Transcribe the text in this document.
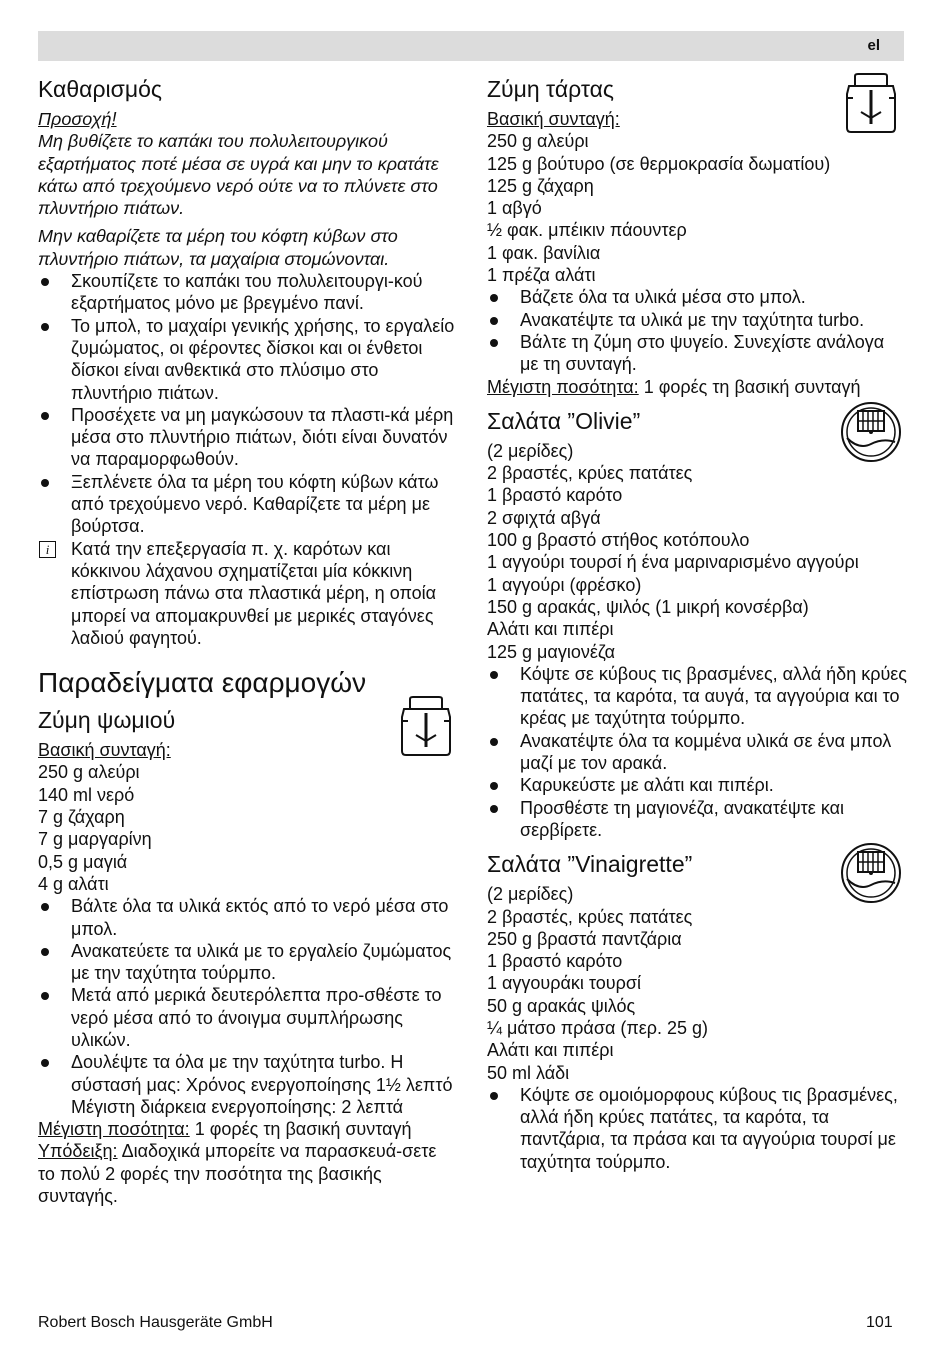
el
Καθαρισμός
Προσοχή!
Μη βυθίζετε το καπάκι του πολυλειτουργικού εξαρτήματος ποτέ μέσα σε υγρά και μην το κρατάτε κάτω από τρεχούμενο νερό ούτε να το πλύνετε στο πλυντήριο πιάτων.
Μην καθαρίζετε τα μέρη του κόφτη κύβων στο πλυντήριο πιάτων, τα μαχαίρια στομώνονται.
Σκουπίζετε το καπάκι του πολυλειτουργι-κού εξαρτήματος μόνο με βρεγμένο πανί.
Το μπολ, το μαχαίρι γενικής χρήσης, το εργαλείο ζυμώματος, οι φέροντες δίσκοι και οι ένθετοι δίσκοι είναι ανθεκτικά στο πλύσιμο στο πλυντήριο πιάτων.
Προσέχετε να μη μαγκώσουν τα πλαστι-κά μέρη μέσα στο πλυντήριο πιάτων, διότι είναι δυνατόν να παραμορφωθούν.
Ξεπλένετε όλα τα μέρη του κόφτη κύβων κάτω από τρεχούμενο νερό. Καθαρίζετε τα μέρη με βούρτσα.
i	Κατά την επεξεργασία π. χ. καρότων και κόκκινου λάχανου σχηματίζεται μία κόκκινη επίστρωση πάνω στα πλαστικά μέρη, η οποία μπορεί να απομακρυνθεί με μερικές σταγόνες λαδιού φαγητού.
Παραδείγματα εφαρμογών
Ζύμη ψωμιού
Βασική συνταγή:
250 g αλεύρι
140 ml νερό
7 g ζάχαρη
7 g μαργαρίνη
0,5 g μαγιά
4 g αλάτι
Βάλτε όλα τα υλικά εκτός από το νερό μέσα στο μπολ.
Ανακατεύετε τα υλικά με το εργαλείο ζυμώματος με την ταχύτητα τούρμπο.
Μετά από μερικά δευτερόλεπτα προ-σθέστε το νερό μέσα από το άνοιγμα συμπλήρωσης υλικών.
Δουλέψτε τα όλα με την ταχύτητα turbo. Η σύστασή μας: Χρόνος ενεργοποίησης 1½ λεπτό Μέγιστη διάρκεια ενεργοποίησης: 2 λεπτά
Μέγιστη ποσότητα: 1 φορές τη βασική συνταγή
Υπόδειξη: Διαδοχικά μπορείτε να παρασκευά-σετε το πολύ 2 φορές την ποσότητα της βασικής συνταγής.
Ζύμη τάρτας
Βασική συνταγή:
250 g αλεύρι
125 g βούτυρο (σε θερμοκρασία δωματίου)
125 g ζάχαρη
1 αβγό
½ φακ. μπέικιν πάουντερ
1 φακ. βανίλια
1 πρέζα αλάτι
Βάζετε όλα τα υλικά μέσα στο μπολ.
Ανακατέψτε τα υλικά με την ταχύτητα turbo.
Βάλτε τη ζύμη στο ψυγείο. Συνεχίστε ανάλογα με τη συνταγή.
Μέγιστη ποσότητα: 1 φορές τη βασική συνταγή
Σαλάτα ”Olivie”
(2 μερίδες)
2 βραστές, κρύες πατάτες
1 βραστό καρότο
2 σφιχτά αβγά
100 g βραστό στήθος κοτόπουλο
1 αγγούρι τουρσί ή ένα μαριναρισμένο αγγούρι
1 αγγούρι (φρέσκο)
150 g αρακάς, ψιλός (1 μικρή κονσέρβα)
Αλάτι και πιπέρι
125 g μαγιονέζα
Κόψτε σε κύβους τις βρασμένες, αλλά ήδη κρύες πατάτες, τα καρότα, τα αυγά, τα αγγούρια και το κρέας με ταχύτητα τούρμπο.
Ανακατέψτε όλα τα κομμένα υλικά σε ένα μπολ μαζί με τον αρακά.
Καρυκεύστε με αλάτι και πιπέρι.
Προσθέστε τη μαγιονέζα, ανακατέψτε και σερβίρετε.
Σαλάτα ”Vinaigrette”
(2 μερίδες)
2 βραστές, κρύες πατάτες
250 g βραστά παντζάρια
1 βραστό καρότο
1 αγγουράκι τουρσί
50 g αρακάς ψιλός
¼ μάτσο πράσα (περ. 25 g)
Αλάτι και πιπέρι
50 ml λάδι
Κόψτε σε ομοιόμορφους κύβους τις βρασμένες, αλλά ήδη κρύες πατάτες, τα καρότα, τα παντζάρια, τα πράσα και τα αγγούρια τουρσί με ταχύτητα τούρμπο.
Robert Bosch Hausgeräte GmbH	101
